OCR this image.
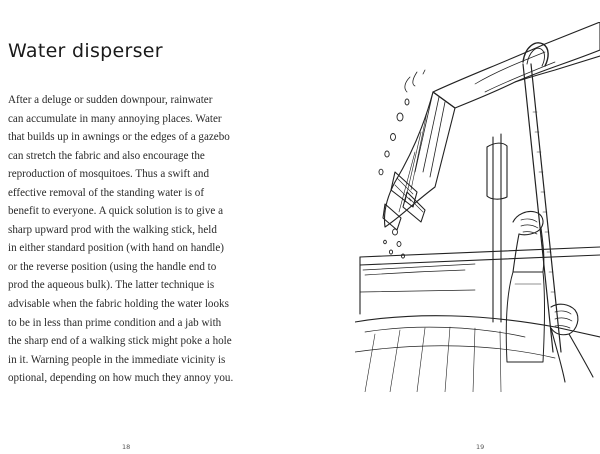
Water disperser
After a deluge or sudden downpour, rainwater
can accumulate in many annoying places. Water
that builds up in awnings or the edges of a gazebo
can stretch the fabric and also encourage the
reproduction of mosquitoes. Thus a swift and
effective removal of the standing water is of
benefit to everyone. A quick solution is to give a
sharp upward prod with the walking stick, held
in either standard position (with hand on handle)
or the reverse position (using the handle end to
prod the aqueous bulk). The latter technique is
advisable when the fabric holding the water looks
to be in less than prime condition and a jab with
the sharp end of a walking stick might poke a hole
in it. Warning people in the immediate vicinity is
optional, depending on how much they annoy you.
18	19
